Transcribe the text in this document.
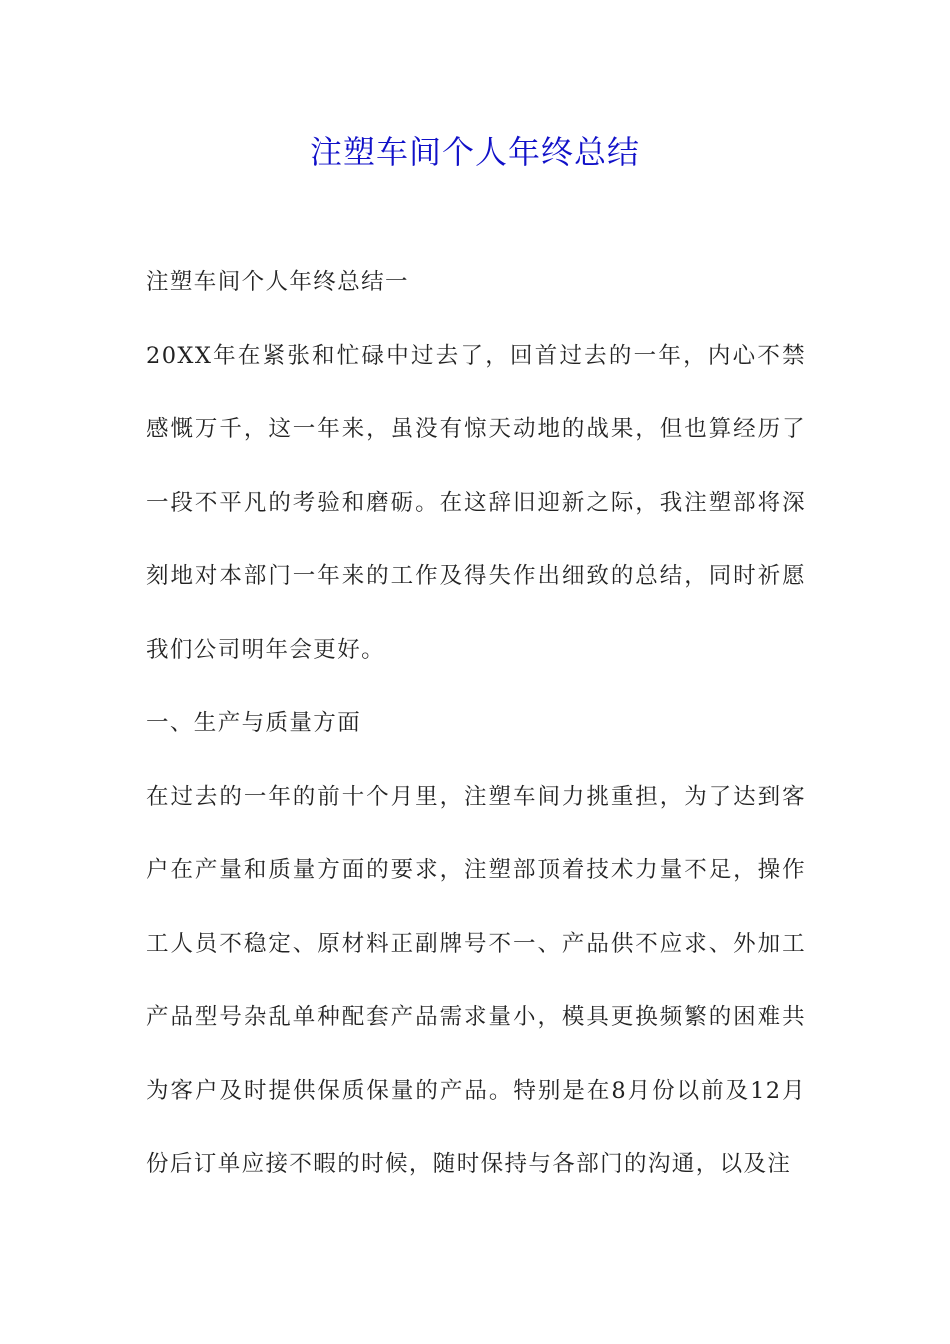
注塑车间个人年终总结

注塑车间个人年终总结一

20XX年在紧张和忙碌中过去了，回首过去的一年，内心不禁感慨万千，这一年来，虽没有惊天动地的战果，但也算经历了一段不平凡的考验和磨砺。在这辞旧迎新之际，我注塑部将深刻地对本部门一年来的工作及得失作出细致的总结，同时祈愿我们公司明年会更好。

一、生产与质量方面

在过去的一年的前十个月里，注塑车间力挑重担，为了达到客户在产量和质量方面的要求，注塑部顶着技术力量不足，操作工人员不稳定、原材料正副牌号不一、产品供不应求、外加工产品型号杂乱单种配套产品需求量小，模具更换频繁的困难共为客户及时提供保质保量的产品。特别是在8月份以前及12月份后订单应接不暇的时候，随时保持与各部门的沟通，以及注
